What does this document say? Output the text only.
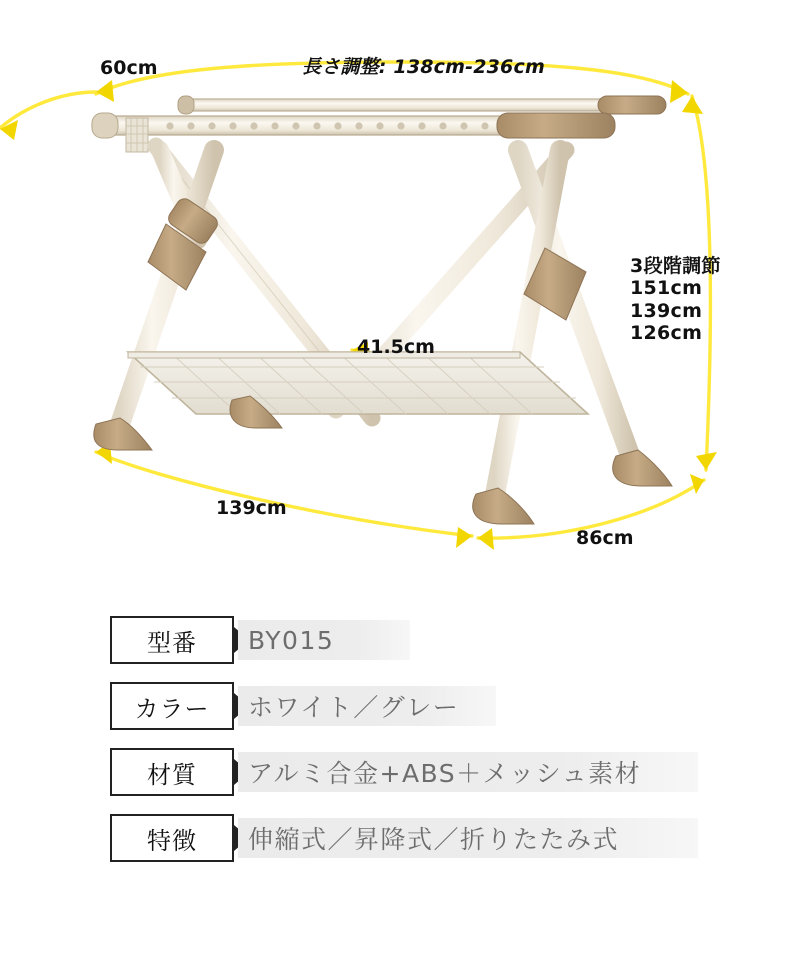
長さ調整: 138cm-236cm
60cm
41.5cm
139cm
86cm
3段階調節
151cm
139cm
126cm
型番	BY015
カラー	ホワイト／グレー
材質	アルミ合金+ABS＋メッシュ素材
特徴	伸縮式／昇降式／折りたたみ式
